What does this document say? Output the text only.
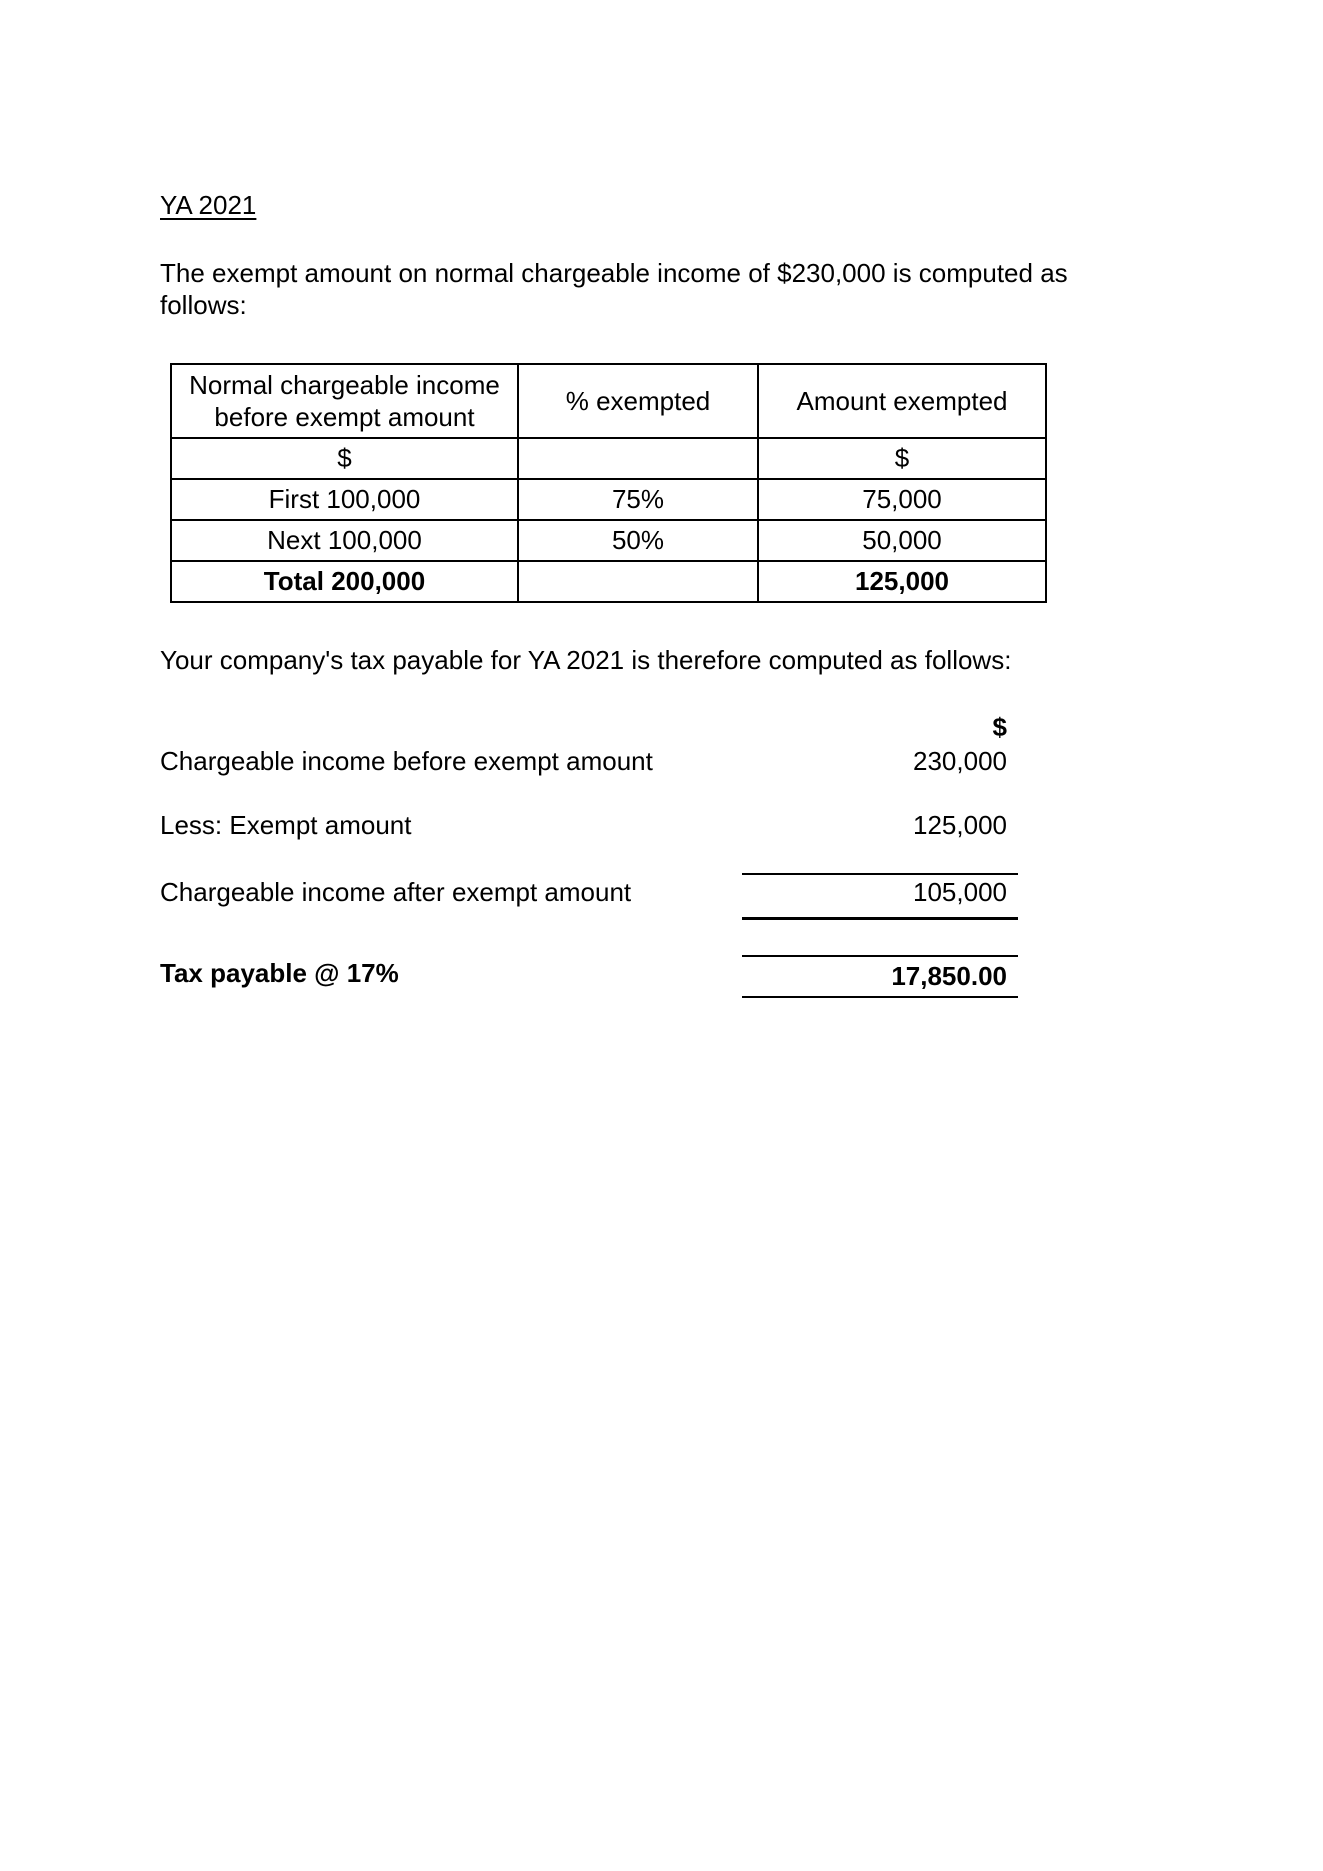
YA 2021
The exempt amount on normal chargeable income of $230,000 is computed as follows:
Normal chargeable income before exempt amount	% exempted	Amount exempted
$		$
First 100,000	75%	75,000
Next 100,000	50%	50,000
Total 200,000		125,000
Your company's tax payable for YA 2021 is therefore computed as follows:
$
Chargeable income before exempt amount	230,000
Less: Exempt amount	125,000
Chargeable income after exempt amount	105,000
Tax payable @ 17%	17,850.00
